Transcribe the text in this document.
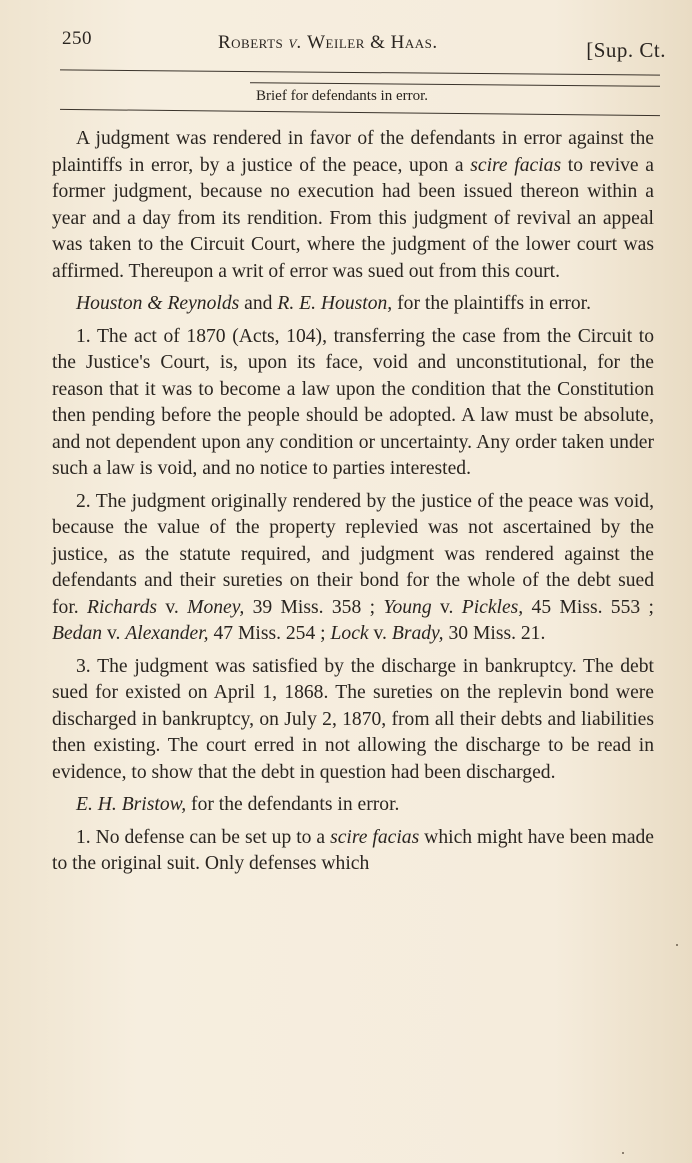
250	Roberts v. Weiler & Haas.	[Sup. Ct.
Brief for defendants in error.

A judgment was rendered in favor of the defendants in error against the plaintiffs in error, by a justice of the peace, upon a scire facias to revive a former judgment, because no execution had been issued thereon within a year and a day from its rendition. From this judgment of revival an appeal was taken to the Circuit Court, where the judgment of the lower court was affirmed. Thereupon a writ of error was sued out from this court.

Houston & Reynolds and R. E. Houston, for the plaintiffs in error.

1. The act of 1870 (Acts, 104), transferring the case from the Circuit to the Justice's Court, is, upon its face, void and unconstitutional, for the reason that it was to become a law upon the condition that the Constitution then pending before the people should be adopted. A law must be absolute, and not dependent upon any condition or uncertainty. Any order taken under such a law is void, and no notice to parties interested.

2. The judgment originally rendered by the justice of the peace was void, because the value of the property replevied was not ascertained by the justice, as the statute required, and judgment was rendered against the defendants and their sureties on their bond for the whole of the debt sued for. Richards v. Money, 39 Miss. 358 ; Young v. Pickles, 45 Miss. 553 ; Bedan v. Alexander, 47 Miss. 254 ; Lock v. Brady, 30 Miss. 21.

3. The judgment was satisfied by the discharge in bankruptcy. The debt sued for existed on April 1, 1868. The sureties on the replevin bond were discharged in bankruptcy, on July 2, 1870, from all their debts and liabilities then existing. The court erred in not allowing the discharge to be read in evidence, to show that the debt in question had been discharged.

E. H. Bristow, for the defendants in error.

1. No defense can be set up to a scire facias which might have been made to the original suit. Only defenses which
